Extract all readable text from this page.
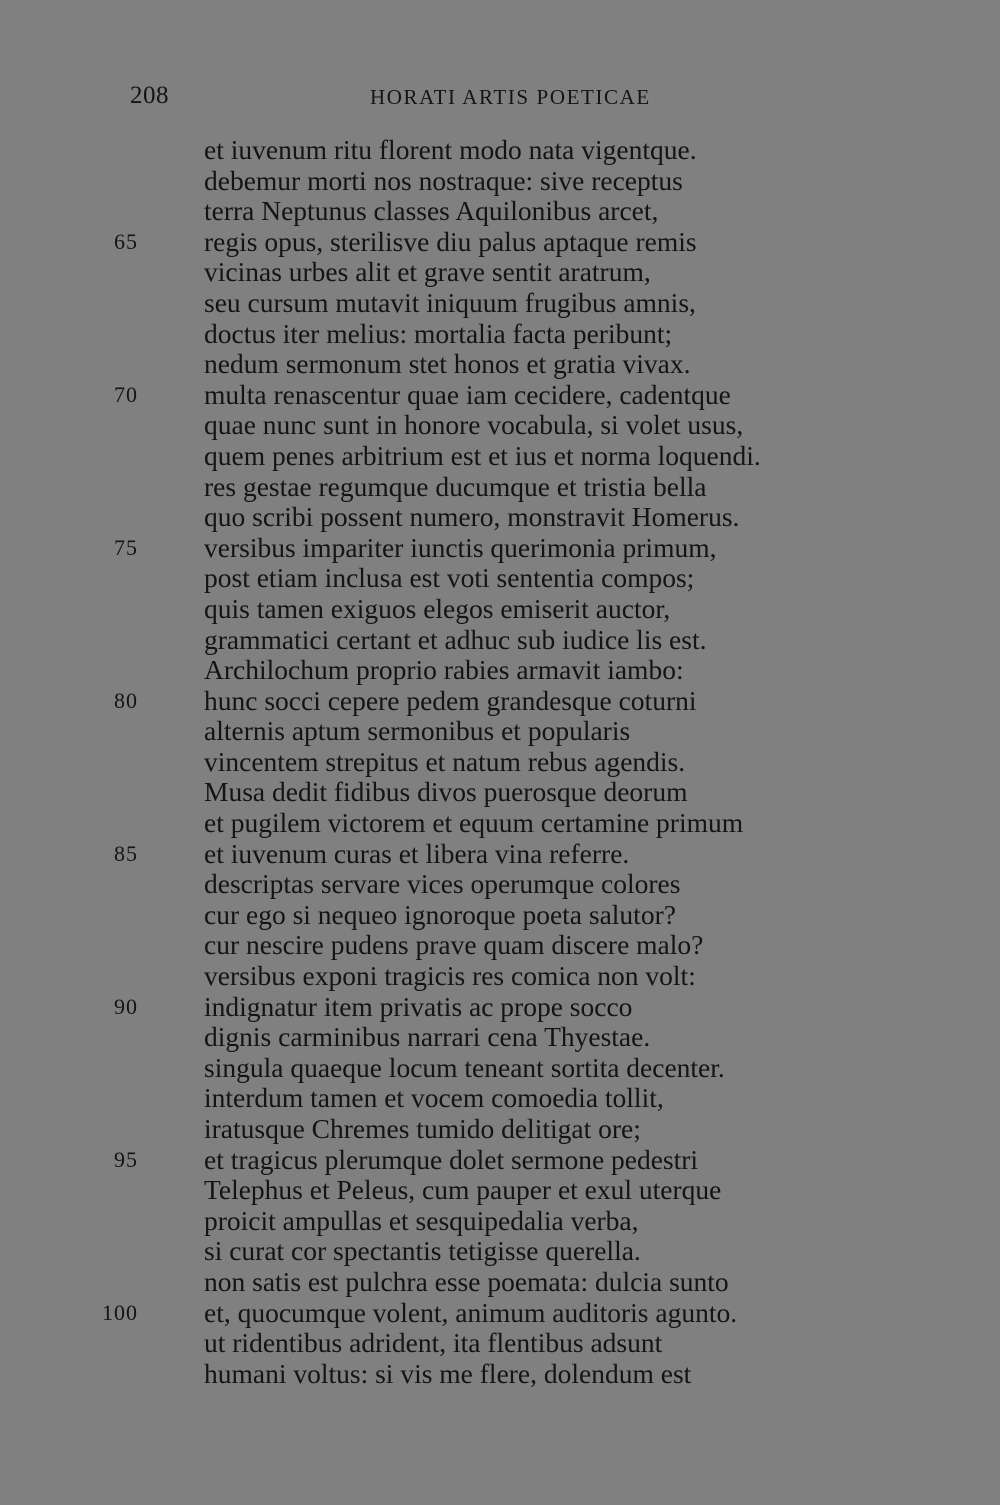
208	HORATI ARTIS POETICAE
et iuvenum ritu florent modo nata vigentque.
debemur morti nos nostraque: sive receptus
terra Neptunus classes Aquilonibus arcet,
65 regis opus, sterilisve diu palus aptaque remis
vicinas urbes alit et grave sentit aratrum,
seu cursum mutavit iniquum frugibus amnis,
doctus iter melius: mortalia facta peribunt;
nedum sermonum stet honos et gratia vivax.
70 multa renascentur quae iam cecidere, cadentque
quae nunc sunt in honore vocabula, si volet usus,
quem penes arbitrium est et ius et norma loquendi.
res gestae regumque ducumque et tristia bella
quo scribi possent numero, monstravit Homerus.
75 versibus impariter iunctis querimonia primum,
post etiam inclusa est voti sententia compos;
quis tamen exiguos elegos emiserit auctor,
grammatici certant et adhuc sub iudice lis est.
Archilochum proprio rabies armavit iambo:
80 hunc socci cepere pedem grandesque coturni
alternis aptum sermonibus et popularis
vincentem strepitus et natum rebus agendis.
Musa dedit fidibus divos puerosque deorum
et pugilem victorem et equum certamine primum
85 et iuvenum curas et libera vina referre.
descriptas servare vices operumque colores
cur ego si nequeo ignoroque poeta salutor?
cur nescire pudens prave quam discere malo?
versibus exponi tragicis res comica non volt:
90 indignatur item privatis ac prope socco
dignis carminibus narrari cena Thyestae.
singula quaeque locum teneant sortita decenter.
interdum tamen et vocem comoedia tollit,
iratusque Chremes tumido delitigat ore;
95 et tragicus plerumque dolet sermone pedestri
Telephus et Peleus, cum pauper et exul uterque
proicit ampullas et sesquipedalia verba,
si curat cor spectantis tetigisse querella.
non satis est pulchra esse poemata: dulcia sunto
100 et, quocumque volent, animum auditoris agunto.
ut ridentibus adrident, ita flentibus adsunt
humani voltus: si vis me flere, dolendum est
